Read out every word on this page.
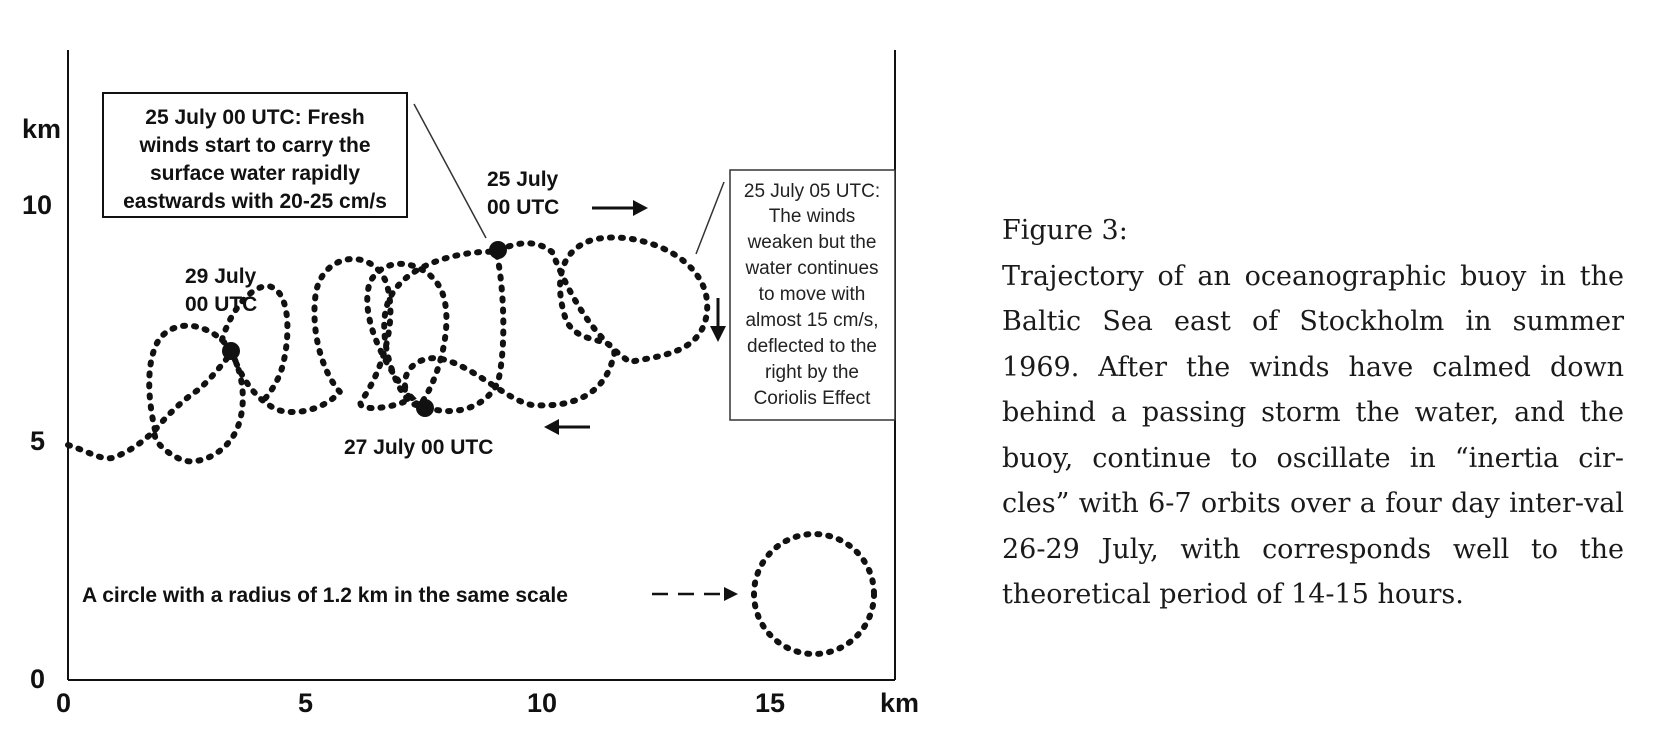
km
10
5
0
0	5	10	15	km
25 July 00 UTC: Fresh
winds start to carry the
surface water rapidly
eastwards with 20-25 cm/s
25 July
00 UTC
29 July
00 UTC
27 July 00 UTC
25 July 05 UTC:
The winds
weaken but the
water continues
to move with
almost 15 cm/s,
deflected to the
right by the
Coriolis Effect
A circle with a radius of 1.2 km in the same scale
Figure 3:
Trajectory of an oceanographic buoy in the Baltic Sea east of Stockholm in summer 1969. After the winds have calmed down behind a passing storm the water, and the buoy, continue to oscillate in “inertia cir-cles” with 6-7 orbits over a four day inter-val 26-29 July, with corresponds well to the theoretical period of 14-15 hours.
